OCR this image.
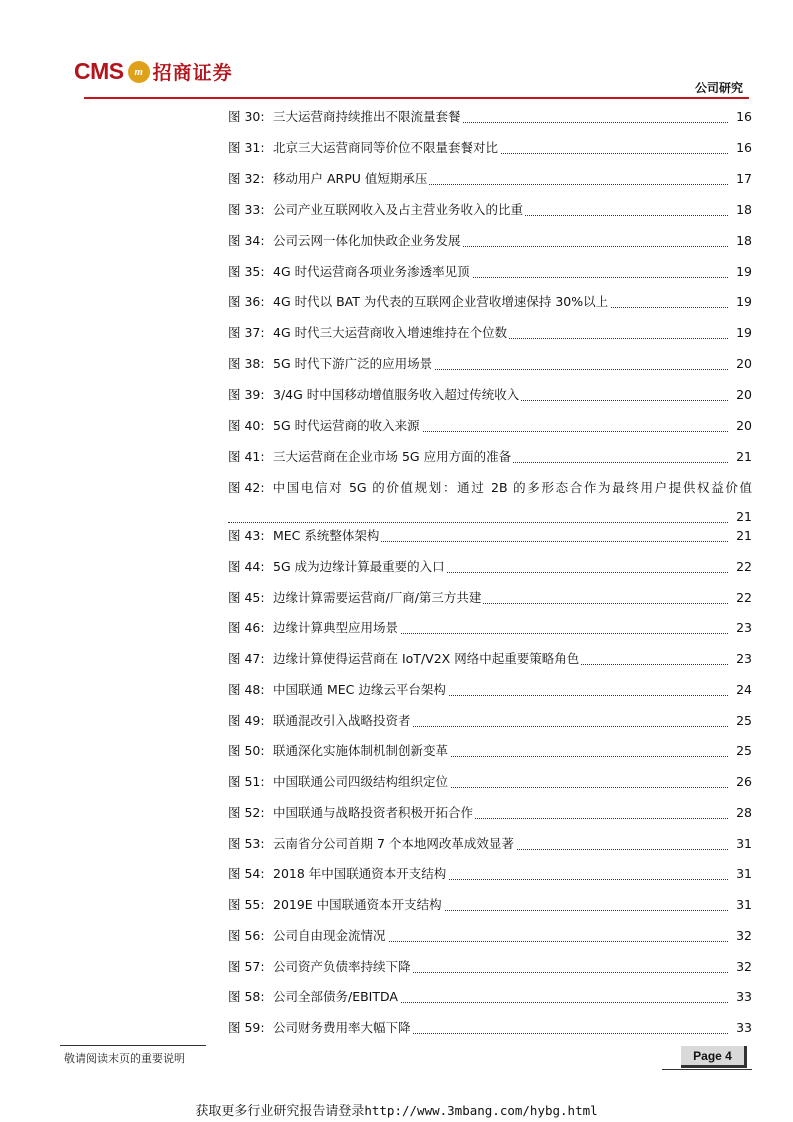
CMS m 招商证券
公司研究
图 30: 三大运营商持续推出不限流量套餐	16
图 31: 北京三大运营商同等价位不限量套餐对比	16
图 32: 移动用户 ARPU 值短期承压	17
图 33: 公司产业互联网收入及占主营业务收入的比重	18
图 34: 公司云网一体化加快政企业务发展	18
图 35: 4G 时代运营商各项业务渗透率见顶	19
图 36: 4G 时代以 BAT 为代表的互联网企业营收增速保持 30%以上	19
图 37: 4G 时代三大运营商收入增速维持在个位数	19
图 38: 5G 时代下游广泛的应用场景	20
图 39: 3/4G 时中国移动增值服务收入超过传统收入	20
图 40: 5G 时代运营商的收入来源	20
图 41: 三大运营商在企业市场 5G 应用方面的准备	21
图 42: 中国电信对 5G 的价值规划：通过 2B 的多形态合作为最终用户提供权益价值
21
图 43: MEC 系统整体架构	21
图 44: 5G 成为边缘计算最重要的入口	22
图 45: 边缘计算需要运营商/厂商/第三方共建	22
图 46: 边缘计算典型应用场景	23
图 47: 边缘计算使得运营商在 IoT/V2X 网络中起重要策略角色	23
图 48: 中国联通 MEC 边缘云平台架构	24
图 49: 联通混改引入战略投资者	25
图 50: 联通深化实施体制机制创新变革	25
图 51: 中国联通公司四级结构组织定位	26
图 52: 中国联通与战略投资者积极开拓合作	28
图 53: 云南省分公司首期 7 个本地网改革成效显著	31
图 54: 2018 年中国联通资本开支结构	31
图 55: 2019E 中国联通资本开支结构	31
图 56: 公司自由现金流情况	32
图 57: 公司资产负债率持续下降	32
图 58: 公司全部债务/EBITDA	33
图 59: 公司财务费用率大幅下降	33
敬请阅读末页的重要说明	Page 4
获取更多行业研究报告请登录http://www.3mbang.com/hybg.html
